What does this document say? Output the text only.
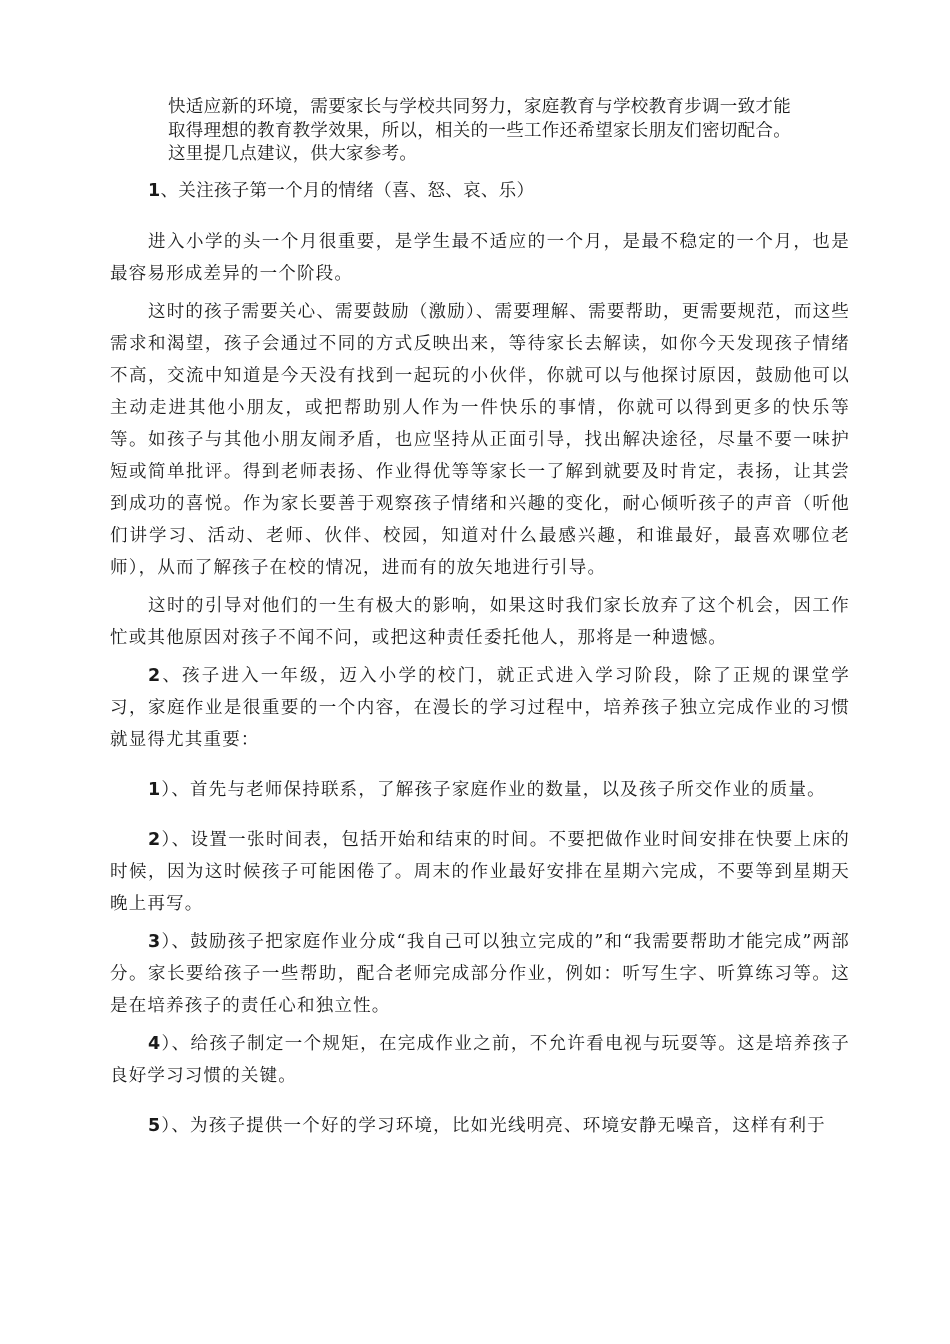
快适应新的环境，需要家长与学校共同努力，家庭教育与学校教育步调一致才能
取得理想的教育教学效果，所以，相关的一些工作还希望家长朋友们密切配合。
这里提几点建议，供大家参考。
1、关注孩子第一个月的情绪（喜、怒、哀、乐）

进入小学的头一个月很重要，是学生最不适应的一个月，是最不稳定的一个月，也是最容易形成差异的一个阶段。

这时的孩子需要关心、需要鼓励（激励）、需要理解、需要帮助，更需要规范，而这些需求和渴望，孩子会通过不同的方式反映出来，等待家长去解读，如你今天发现孩子情绪不高，交流中知道是今天没有找到一起玩的小伙伴，你就可以与他探讨原因，鼓励他可以主动走进其他小朋友，或把帮助别人作为一件快乐的事情，你就可以得到更多的快乐等等。如孩子与其他小朋友闹矛盾，也应坚持从正面引导，找出解决途径，尽量不要一味护短或简单批评。得到老师表扬、作业得优等等家长一了解到就要及时肯定，表扬，让其尝到成功的喜悦。作为家长要善于观察孩子情绪和兴趣的变化，耐心倾听孩子的声音（听他们讲学习、活动、老师、伙伴、校园，知道对什么最感兴趣，和谁最好，最喜欢哪位老师），从而了解孩子在校的情况，进而有的放矢地进行引导。

这时的引导对他们的一生有极大的影响，如果这时我们家长放弃了这个机会，因工作忙或其他原因对孩子不闻不问，或把这种责任委托他人，那将是一种遗憾。

2、孩子进入一年级，迈入小学的校门，就正式进入学习阶段，除了正规的课堂学习，家庭作业是很重要的一个内容，在漫长的学习过程中，培养孩子独立完成作业的习惯就显得尤其重要：

1）、首先与老师保持联系，了解孩子家庭作业的数量，以及孩子所交作业的质量。

2）、设置一张时间表，包括开始和结束的时间。不要把做作业时间安排在快要上床的时候，因为这时候孩子可能困倦了。周末的作业最好安排在星期六完成，不要等到星期天晚上再写。

3）、鼓励孩子把家庭作业分成“我自己可以独立完成的”和“我需要帮助才能完成”两部分。家长要给孩子一些帮助，配合老师完成部分作业，例如：听写生字、听算练习等。这是在培养孩子的责任心和独立性。

4）、给孩子制定一个规矩，在完成作业之前，不允许看电视与玩耍等。这是培养孩子良好学习习惯的关键。

5）、为孩子提供一个好的学习环境，比如光线明亮、环境安静无噪音，这样有利于
